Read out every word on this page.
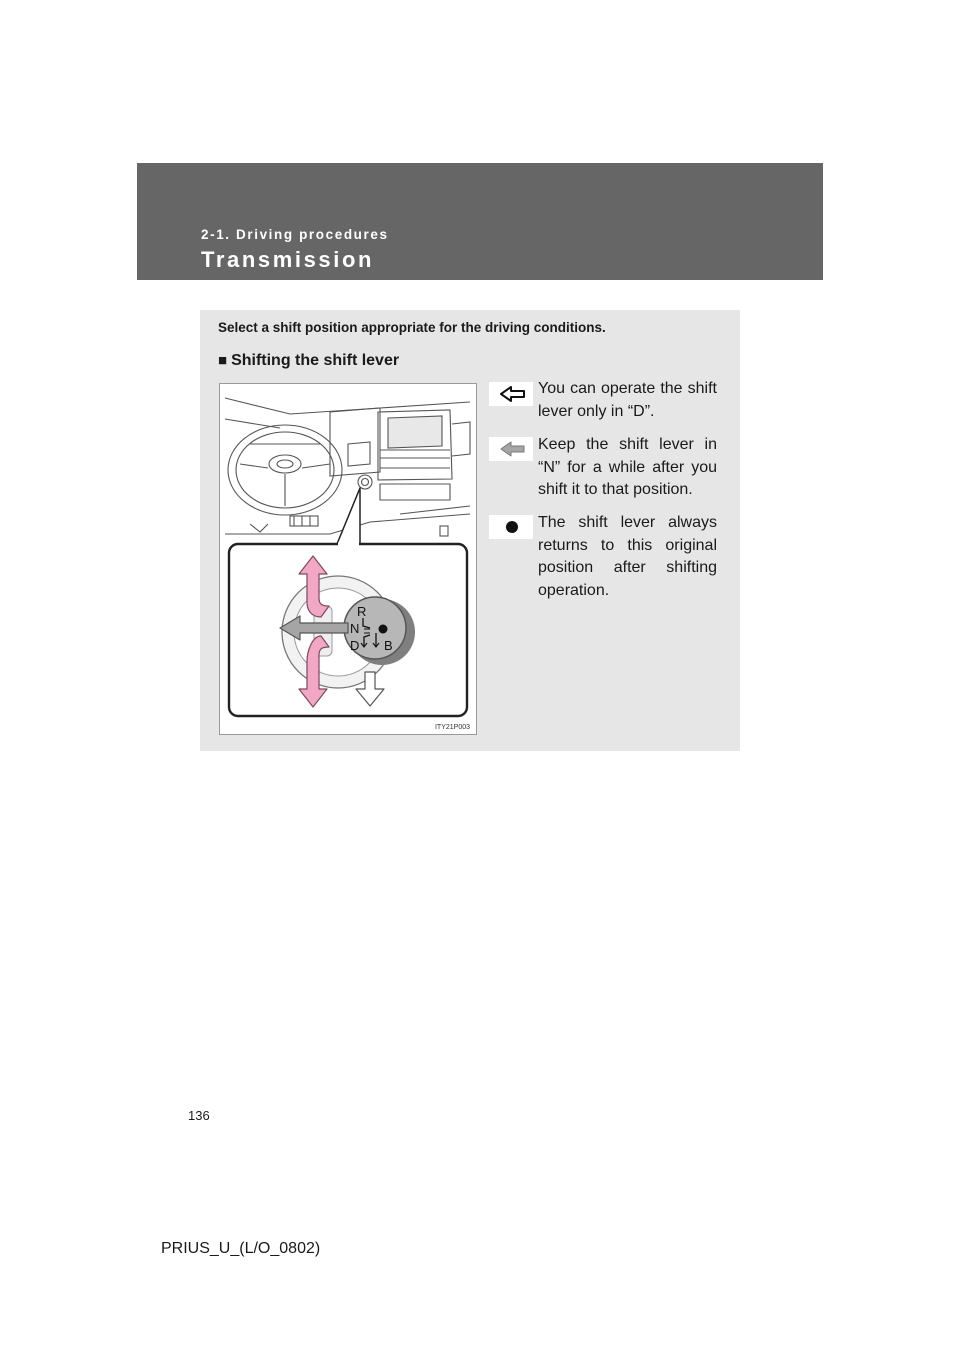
2-1. Driving procedures
Transmission
Select a shift position appropriate for the driving conditions.
■ Shifting the shift lever
R
N
D B
ITY21P003
You can operate the shift lever only in “D”.
Keep the shift lever in “N” for a while after you shift it to that position.
The shift lever always returns to this original position after shifting operation.
136
PRIUS_U_(L/O_0802)
